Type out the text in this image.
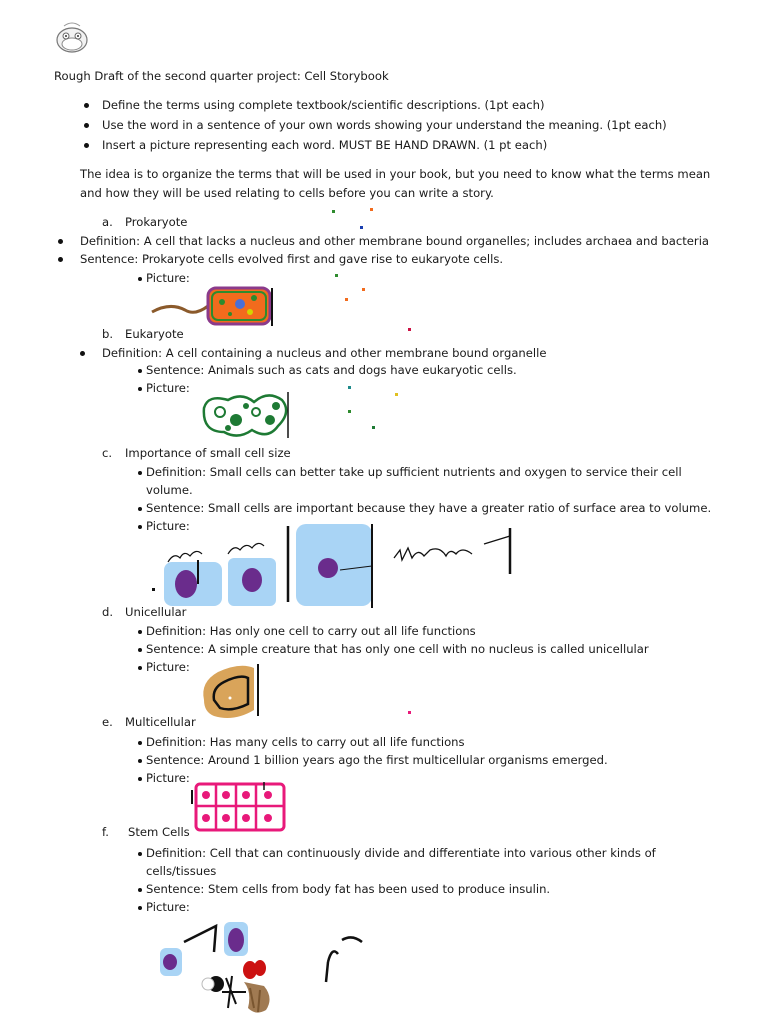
Rough Draft of the second quarter project: Cell Storybook
Define the terms using complete textbook/scientific descriptions. (1pt each)
Use the word in a sentence of your own words showing your understand the meaning. (1pt each)
Insert a picture representing each word. MUST BE HAND DRAWN. (1 pt each)
The idea is to organize the terms that will be used in your book, but you need to know what the terms mean
and how they will be used relating to cells before you can write a story.
a. Prokaryote
Definition: A cell that lacks a nucleus and other membrane bound organelles; includes archaea and bacteria
Sentence: Prokaryote cells evolved first and gave rise to eukaryote cells.
Picture:
b. Eukaryote
Definition: A cell containing a nucleus and other membrane bound organelle
Sentence: Animals such as cats and dogs have eukaryotic cells.
Picture:
c. Importance of small cell size
Definition: Small cells can better take up sufficient nutrients and oxygen to service their cell
volume.
Sentence: Small cells are important because they have a greater ratio of surface area to volume.
Picture:
d. Unicellular
Definition: Has only one cell to carry out all life functions
Sentence: A simple creature that has only one cell with no nucleus is called unicellular
Picture:
e. Multicellular
Definition: Has many cells to carry out all life functions
Sentence: Around 1 billion years ago the first multicellular organisms emerged.
Picture:
f. Stem Cells
Definition: Cell that can continuously divide and differentiate into various other kinds of
cells/tissues
Sentence: Stem cells from body fat has been used to produce insulin.
Picture:
